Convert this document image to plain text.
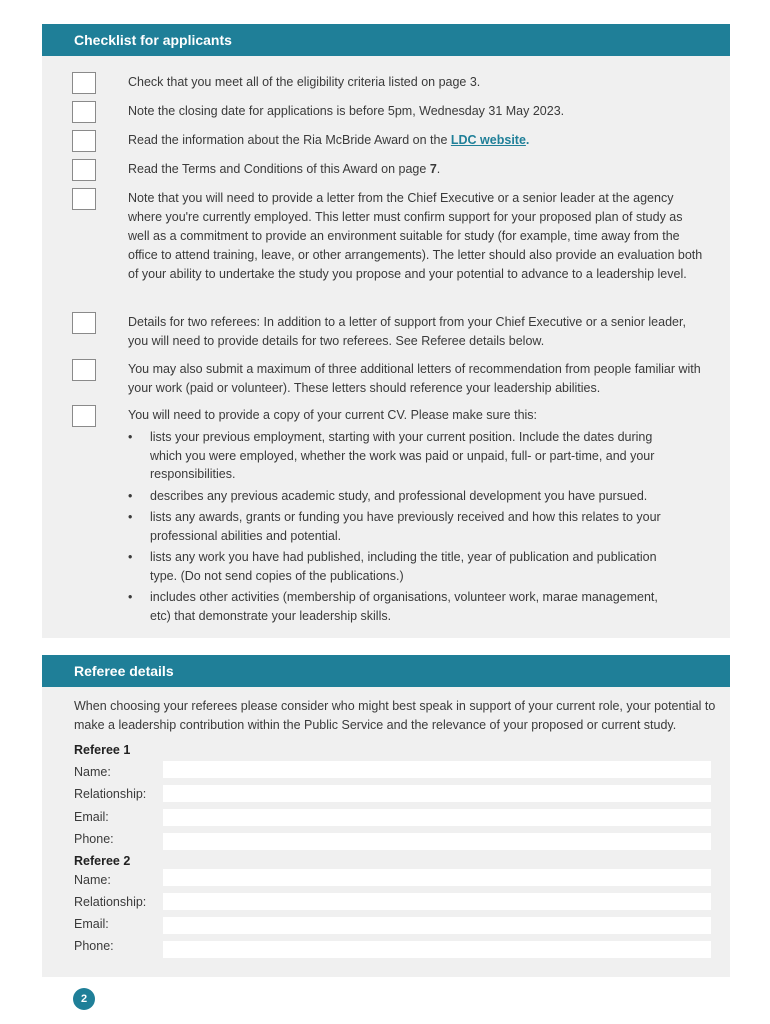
Checklist for applicants
Check that you meet all of the eligibility criteria listed on page 3.
Note the closing date for applications is before 5pm, Wednesday 31 May 2023.
Read the information about the Ria McBride Award on the LDC website.
Read the Terms and Conditions of this Award on page 7.
Note that you will need to provide a letter from the Chief Executive or a senior leader at the agency where you're currently employed. This letter must confirm support for your proposed plan of study as well as a commitment to provide an environment suitable for study (for example, time away from the office to attend training, leave, or other arrangements). The letter should also provide an evaluation both of your ability to undertake the study you propose and your potential to advance to a leadership level.
Details for two referees: In addition to a letter of support from your Chief Executive or a senior leader, you will need to provide details for two referees. See Referee details below.
You may also submit a maximum of three additional letters of recommendation from people familiar with your work (paid or volunteer). These letters should reference your leadership abilities.
You will need to provide a copy of your current CV. Please make sure this:
• lists your previous employment, starting with your current position. Include the dates during which you were employed, whether the work was paid or unpaid, full- or part-time, and your responsibilities.
• describes any previous academic study, and professional development you have pursued.
• lists any awards, grants or funding you have previously received and how this relates to your professional abilities and potential.
• lists any work you have had published, including the title, year of publication and publication type. (Do not send copies of the publications.)
• includes other activities (membership of organisations, volunteer work, marae management, etc) that demonstrate your leadership skills.
Referee details
When choosing your referees please consider who might best speak in support of your current role, your potential to make a leadership contribution within the Public Service and the relevance of your proposed or current study.
Referee 1
Name:
Relationship:
Email:
Phone:
Referee 2
Name:
Relationship:
Email:
Phone:
2
